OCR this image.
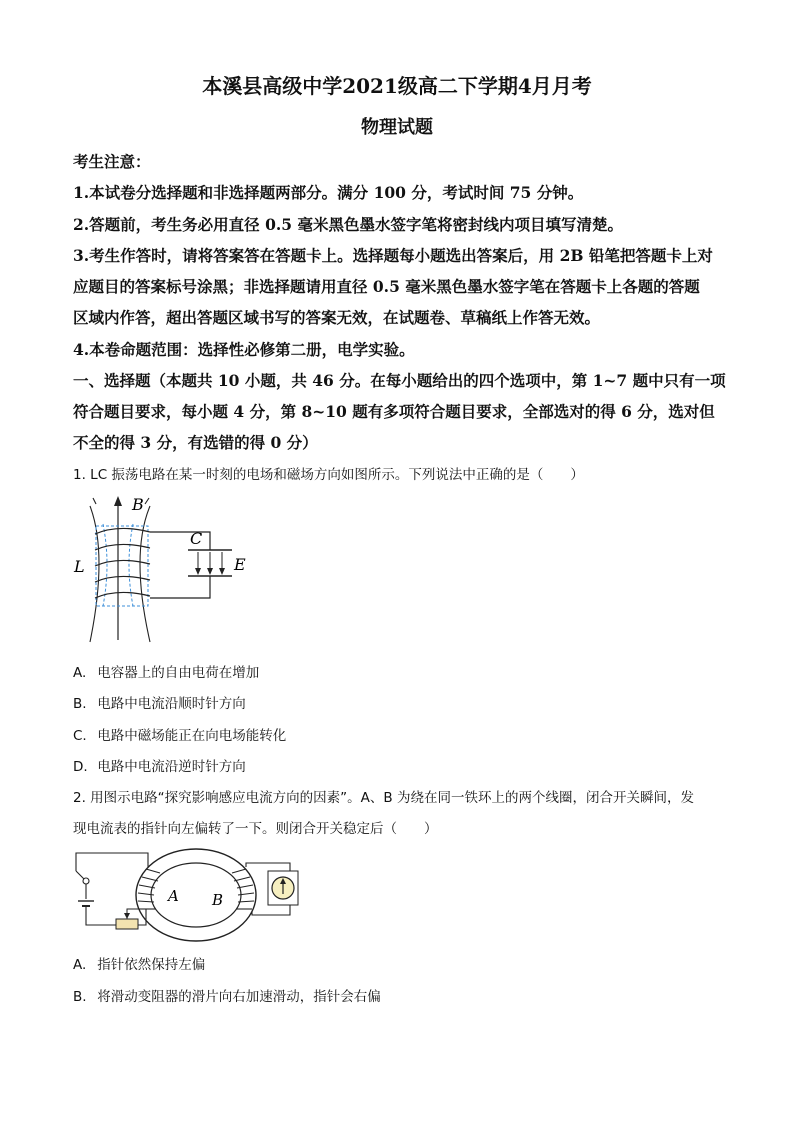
本溪县高级中学2021级高二下学期4月月考
物理试题
考生注意：
1.本试卷分选择题和非选择题两部分。满分 100 分，考试时间 75 分钟。
2.答题前，考生务必用直径 0.5 毫米黑色墨水签字笔将密封线内项目填写清楚。
3.考生作答时，请将答案答在答题卡上。选择题每小题选出答案后，用 2B 铅笔把答题卡上对
应题目的答案标号涂黑；非选择题请用直径 0.5 毫米黑色墨水签字笔在答题卡上各题的答题
区域内作答，超出答题区域书写的答案无效，在试题卷、草稿纸上作答无效。
4.本卷命题范围：选择性必修第二册，电学实验。
一、选择题（本题共 10 小题，共 46 分。在每小题给出的四个选项中，第 1~7 题中只有一项
符合题目要求，每小题 4 分，第 8~10 题有多项符合题目要求，全部选对的得 6 分，选对但
不全的得 3 分，有选错的得 0 分）
1. LC 振荡电路在某一时刻的电场和磁场方向如图所示。下列说法中正确的是（　　）
B
C
L	E
A. 电容器上的自由电荷在增加
B. 电路中电流沿顺时针方向
C. 电路中磁场能正在向电场能转化
D. 电路中电流沿逆时针方向
2. 用图示电路“探究影响感应电流方向的因素”。A、B 为绕在同一铁环上的两个线圈，闭合开关瞬间，发
现电流表的指针向左偏转了一下。则闭合开关稳定后（　　）
A B
A. 指针依然保持左偏
B. 将滑动变阻器的滑片向右加速滑动，指针会右偏
